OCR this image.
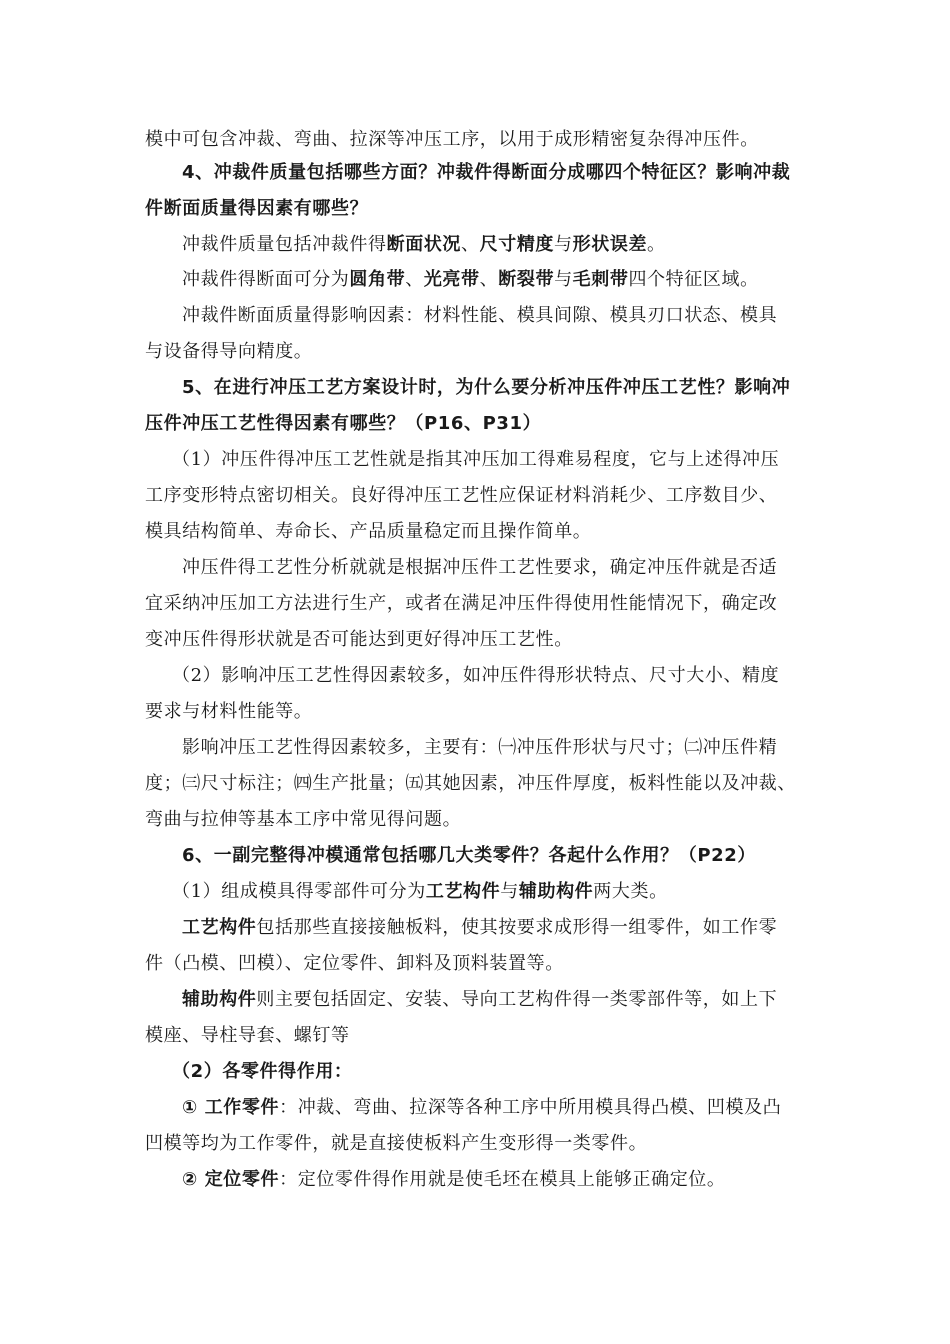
模中可包含冲裁、弯曲、拉深等冲压工序，以用于成形精密复杂得冲压件。
4、冲裁件质量包括哪些方面？冲裁件得断面分成哪四个特征区？影响冲裁
件断面质量得因素有哪些？
冲裁件质量包括冲裁件得断面状况、尺寸精度与形状误差。
冲裁件得断面可分为圆角带、光亮带、断裂带与毛刺带四个特征区域。
冲裁件断面质量得影响因素：材料性能、模具间隙、模具刃口状态、模具
与设备得导向精度。
5、在进行冲压工艺方案设计时，为什么要分析冲压件冲压工艺性？影响冲
压件冲压工艺性得因素有哪些？（P16、P31）
（1）冲压件得冲压工艺性就是指其冲压加工得难易程度，它与上述得冲压
工序变形特点密切相关。良好得冲压工艺性应保证材料消耗少、工序数目少、
模具结构简单、寿命长、产品质量稳定而且操作简单。
冲压件得工艺性分析就就是根据冲压件工艺性要求，确定冲压件就是否适
宜采纳冲压加工方法进行生产，或者在满足冲压件得使用性能情况下，确定改
变冲压件得形状就是否可能达到更好得冲压工艺性。
（2）影响冲压工艺性得因素较多，如冲压件得形状特点、尺寸大小、精度
要求与材料性能等。
影响冲压工艺性得因素较多，主要有：㈠冲压件形状与尺寸；㈡冲压件精
度；㈢尺寸标注；㈣生产批量；㈤其她因素，冲压件厚度，板料性能以及冲裁、
弯曲与拉伸等基本工序中常见得问题。
6、一副完整得冲模通常包括哪几大类零件？各起什么作用？（P22）
（1）组成模具得零部件可分为工艺构件与辅助构件两大类。
工艺构件包括那些直接接触板料，使其按要求成形得一组零件，如工作零
件（凸模、凹模）、定位零件、卸料及顶料装置等。
辅助构件则主要包括固定、安装、导向工艺构件得一类零部件等，如上下
模座、导柱导套、螺钉等
（2）各零件得作用：
① 工作零件：冲裁、弯曲、拉深等各种工序中所用模具得凸模、凹模及凸
凹模等均为工作零件，就是直接使板料产生变形得一类零件。
② 定位零件：定位零件得作用就是使毛坯在模具上能够正确定位。
